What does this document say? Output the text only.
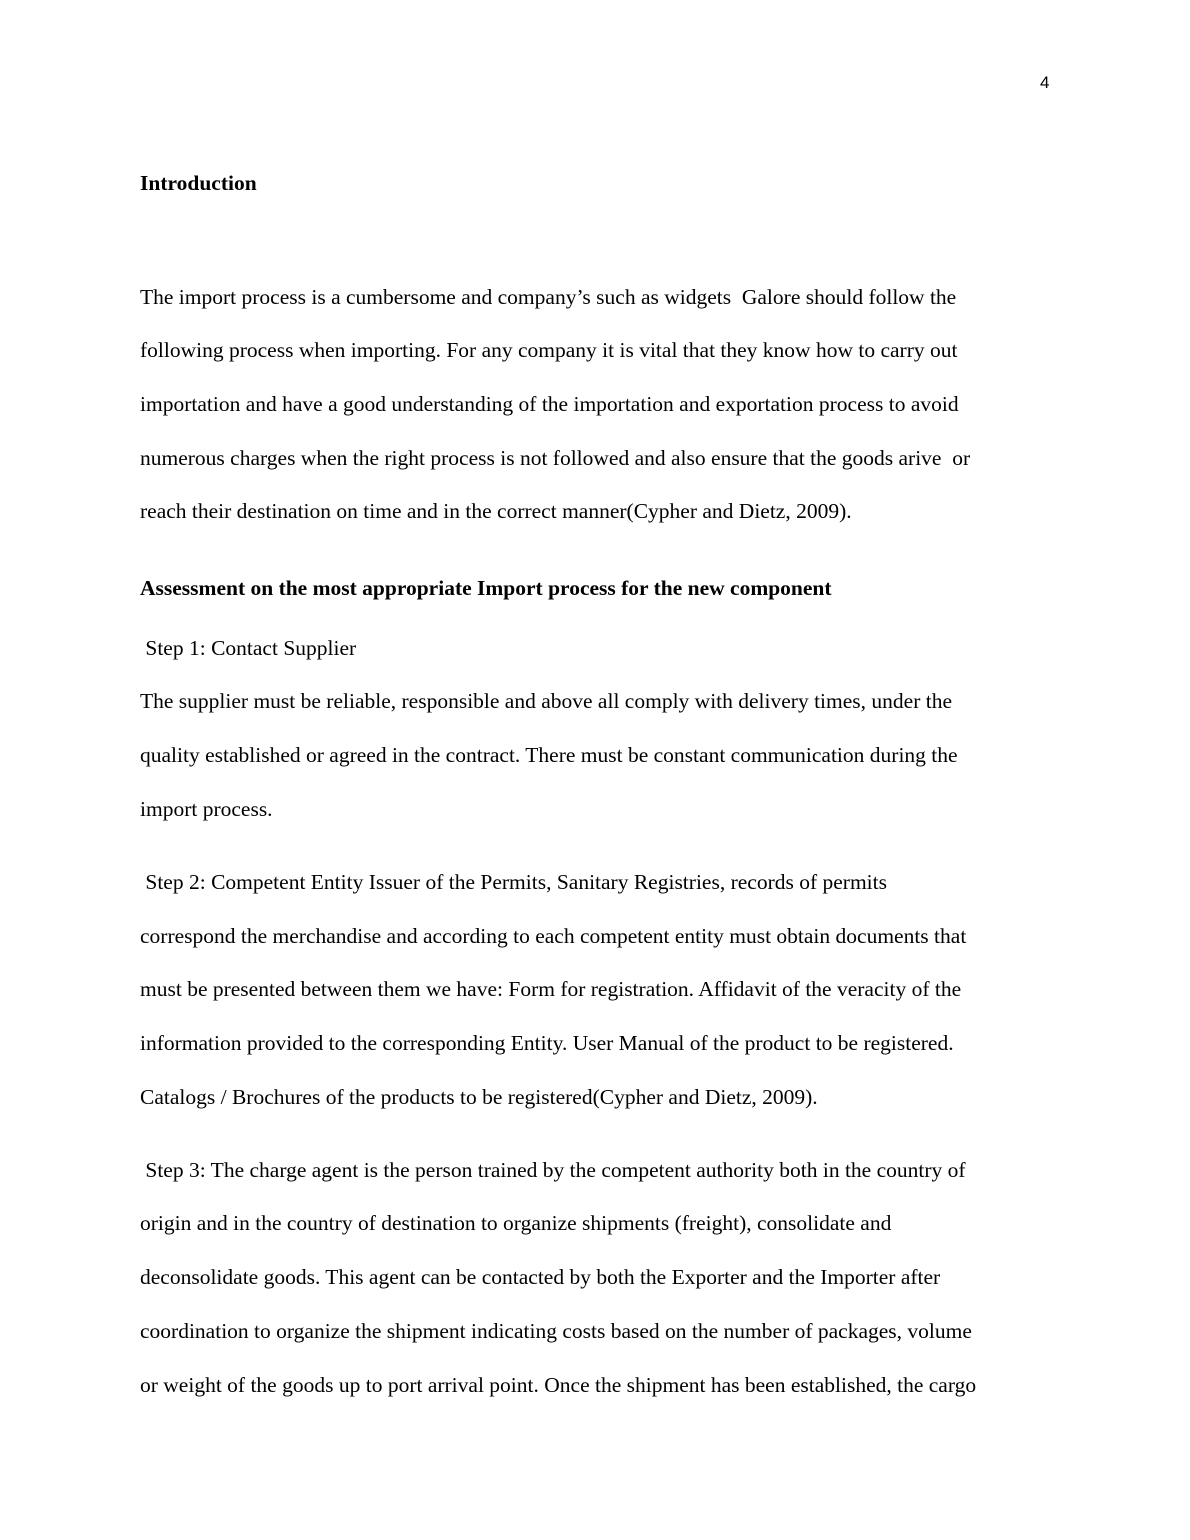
4
Introduction
The import process is a cumbersome and company’s such as widgets  Galore should follow the
following process when importing. For any company it is vital that they know how to carry out
importation and have a good understanding of the importation and exportation process to avoid
numerous charges when the right process is not followed and also ensure that the goods arive  or
reach their destination on time and in the correct manner(Cypher and Dietz, 2009).
Assessment on the most appropriate Import process for the new component
Step 1: Contact Supplier
The supplier must be reliable, responsible and above all comply with delivery times, under the
quality established or agreed in the contract. There must be constant communication during the
import process.
Step 2: Competent Entity Issuer of the Permits, Sanitary Registries, records of permits
correspond the merchandise and according to each competent entity must obtain documents that
must be presented between them we have: Form for registration. Affidavit of the veracity of the
information provided to the corresponding Entity. User Manual of the product to be registered.
Catalogs / Brochures of the products to be registered(Cypher and Dietz, 2009).
Step 3: The charge agent is the person trained by the competent authority both in the country of
origin and in the country of destination to organize shipments (freight), consolidate and
deconsolidate goods. This agent can be contacted by both the Exporter and the Importer after
coordination to organize the shipment indicating costs based on the number of packages, volume
or weight of the goods up to port arrival point. Once the shipment has been established, the cargo
